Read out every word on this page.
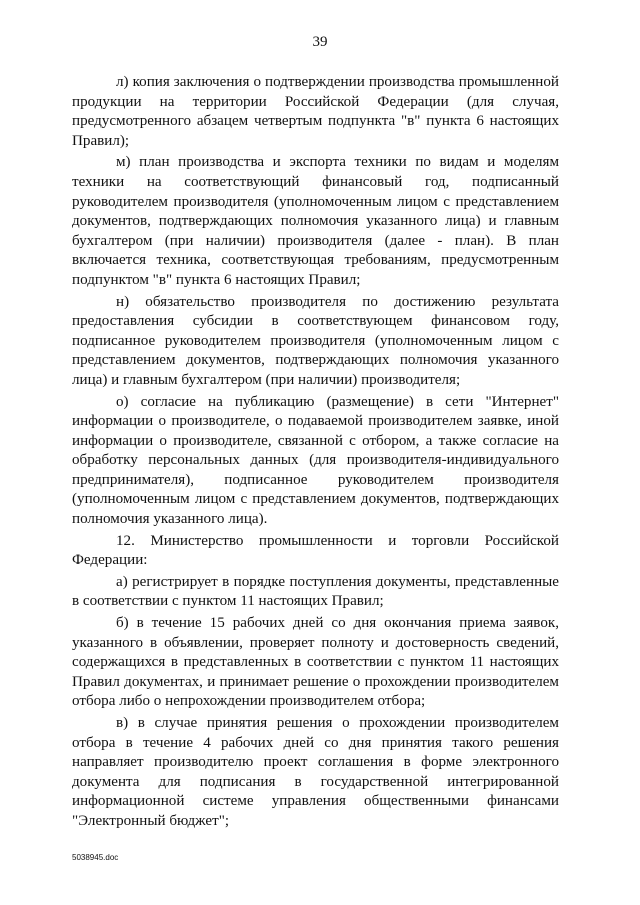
39

л) копия заключения о подтверждении производства промышленной продукции на территории Российской Федерации (для случая, предусмотренного абзацем четвертым подпункта "в" пункта 6 настоящих Правил);

м) план производства и экспорта техники по видам и моделям техники на соответствующий финансовый год, подписанный руководителем производителя (уполномоченным лицом с представлением документов, подтверждающих полномочия указанного лица) и главным бухгалтером (при наличии) производителя (далее - план). В план включается техника, соответствующая требованиям, предусмотренным подпунктом "в" пункта 6 настоящих Правил;

н) обязательство производителя по достижению результата предоставления субсидии в соответствующем финансовом году, подписанное руководителем производителя (уполномоченным лицом с представлением документов, подтверждающих полномочия указанного лица) и главным бухгалтером (при наличии) производителя;

о) согласие на публикацию (размещение) в сети "Интернет" информации о производителе, о подаваемой производителем заявке, иной информации о производителе, связанной с отбором, а также согласие на обработку персональных данных (для производителя-индивидуального предпринимателя), подписанное руководителем производителя (уполномоченным лицом с представлением документов, подтверждающих полномочия указанного лица).

12. Министерство промышленности и торговли Российской Федерации:

а) регистрирует в порядке поступления документы, представленные в соответствии с пунктом 11 настоящих Правил;

б) в течение 15 рабочих дней со дня окончания приема заявок, указанного в объявлении, проверяет полноту и достоверность сведений, содержащихся в представленных в соответствии с пунктом 11 настоящих Правил документах, и принимает решение о прохождении производителем отбора либо о непрохождении производителем отбора;

в) в случае принятия решения о прохождении производителем отбора в течение 4 рабочих дней со дня принятия такого решения направляет производителю проект соглашения в форме электронного документа для подписания в государственной интегрированной информационной системе управления общественными финансами "Электронный бюджет";

5038945.doc
